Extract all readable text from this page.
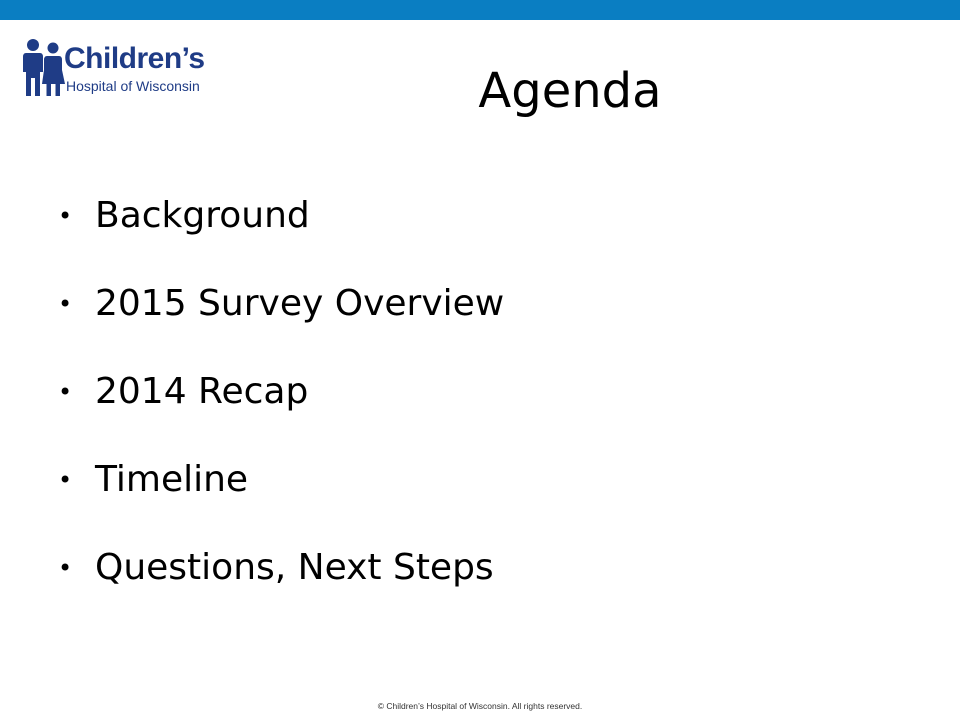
Children’s
Hospital of Wisconsin	Agenda
• Background
• 2015 Survey Overview
• 2014 Recap
• Timeline
• Questions, Next Steps
© Children’s Hospital of Wisconsin. All rights reserved.
